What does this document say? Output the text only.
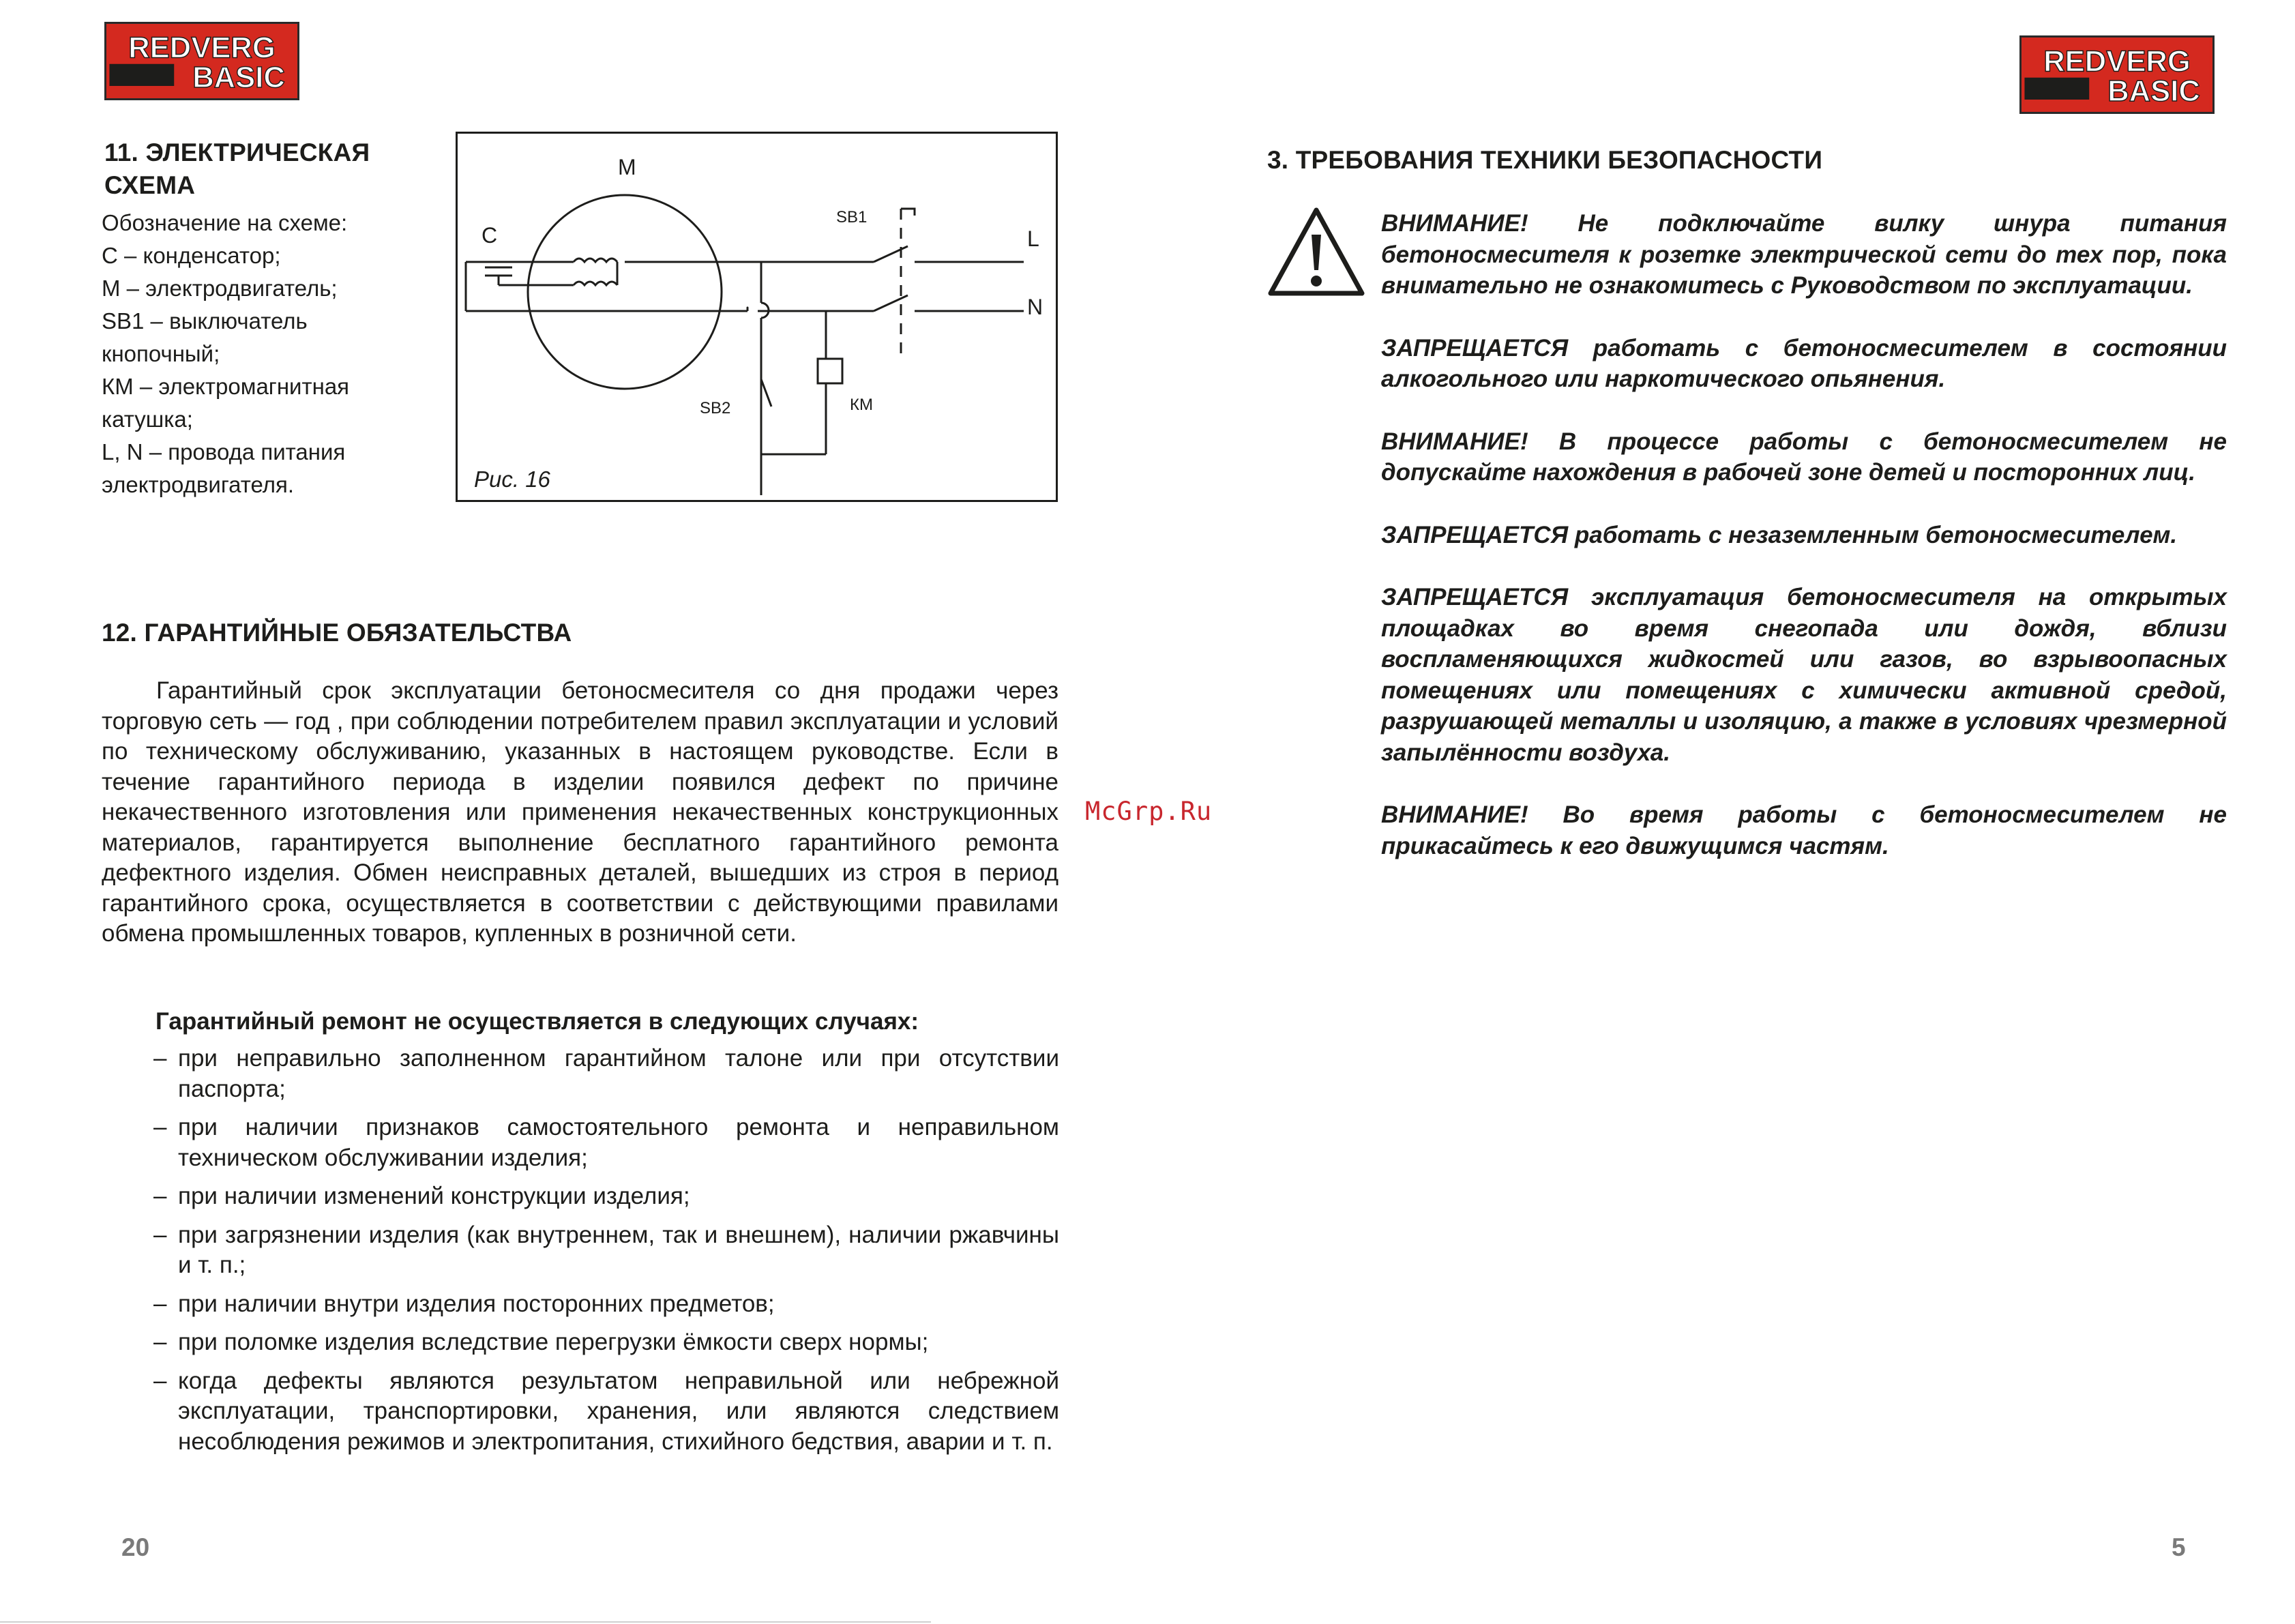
REDVERG
BASIC	REDVERG
BASIC
11. ЭЛЕКТРИЧЕСКАЯ
СХЕМА
Обозначение на схеме:
C – конденсатор;
М – электродвигатель;
SB1 – выключатель
кнопочный;
КМ – электромагнитная
катушка;
L, N – провода питания
электродвигателя.
M
C
SB1
L
N
SB2	КМ
Рис. 16
12. ГАРАНТИЙНЫЕ ОБЯЗАТЕЛЬСТВА
Гарантийный срок эксплуатации бетоносмесителя со дня продажи через торговую сеть — год , при соблюдении потребителем правил эксплуатации и условий по техническому обслуживанию, указанных в настоящем руководстве. Если в течение гарантийного периода в изделии появился дефект по причине некачественного изготовления или применения некачественных конструкционных материалов, гарантируется выполнение бесплатного гарантийного ремонта дефектного изделия. Обмен неисправных деталей, вышедших из строя в период гарантийного срока, осуществляется в соответствии с действующими правилами обмена промышленных товаров, купленных в розничной сети.
Гарантийный ремонт не осуществляется в следующих случаях:
– при неправильно заполненном гарантийном талоне или при отсутствии паспорта;
– при наличии признаков самостоятельного ремонта и неправильном техническом обслуживании изделия;
– при наличии изменений конструкции изделия;
– при загрязнении изделия (как внутреннем, так и внешнем), наличии ржавчины и т. п.;
– при наличии внутри изделия посторонних предметов;
– при поломке изделия вследствие перегрузки ёмкости сверх нормы;
– когда дефекты являются результатом неправильной или небрежной эксплуатации, транспортировки, хранения, или являются следствием несоблюдения режимов и электропитания, стихийного бедствия, аварии и т. п.
20
McGrp.Ru
3. ТРЕБОВАНИЯ ТЕХНИКИ БЕЗОПАСНОСТИ
ВНИМАНИЕ! Не подключайте вилку шнура питания бетоносмесителя к розетке электрической сети до тех пор, пока внимательно не ознакомитесь с Руководством по эксплуатации.
ЗАПРЕЩАЕТСЯ работать с бетоносмесителем в состоянии алкогольного или наркотического опьянения.
ВНИМАНИЕ! В процессе работы с бетоносмесителем не допускайте нахождения в рабочей зоне детей и посторонних лиц.
ЗАПРЕЩАЕТСЯ работать с незаземленным бетоносмесителем.
ЗАПРЕЩАЕТСЯ эксплуатация бетоносмесителя на открытых площадках во время снегопада или дождя, вблизи воспламеняющихся жидкостей или газов, во взрывоопасных помещениях или помещениях с химически активной средой, разрушающей металлы и изоляцию, а также в условиях чрезмерной запылённости воздуха.
ВНИМАНИЕ! Во время работы с бетоносмесителем не прикасайтесь к его движущимся частям.
5
